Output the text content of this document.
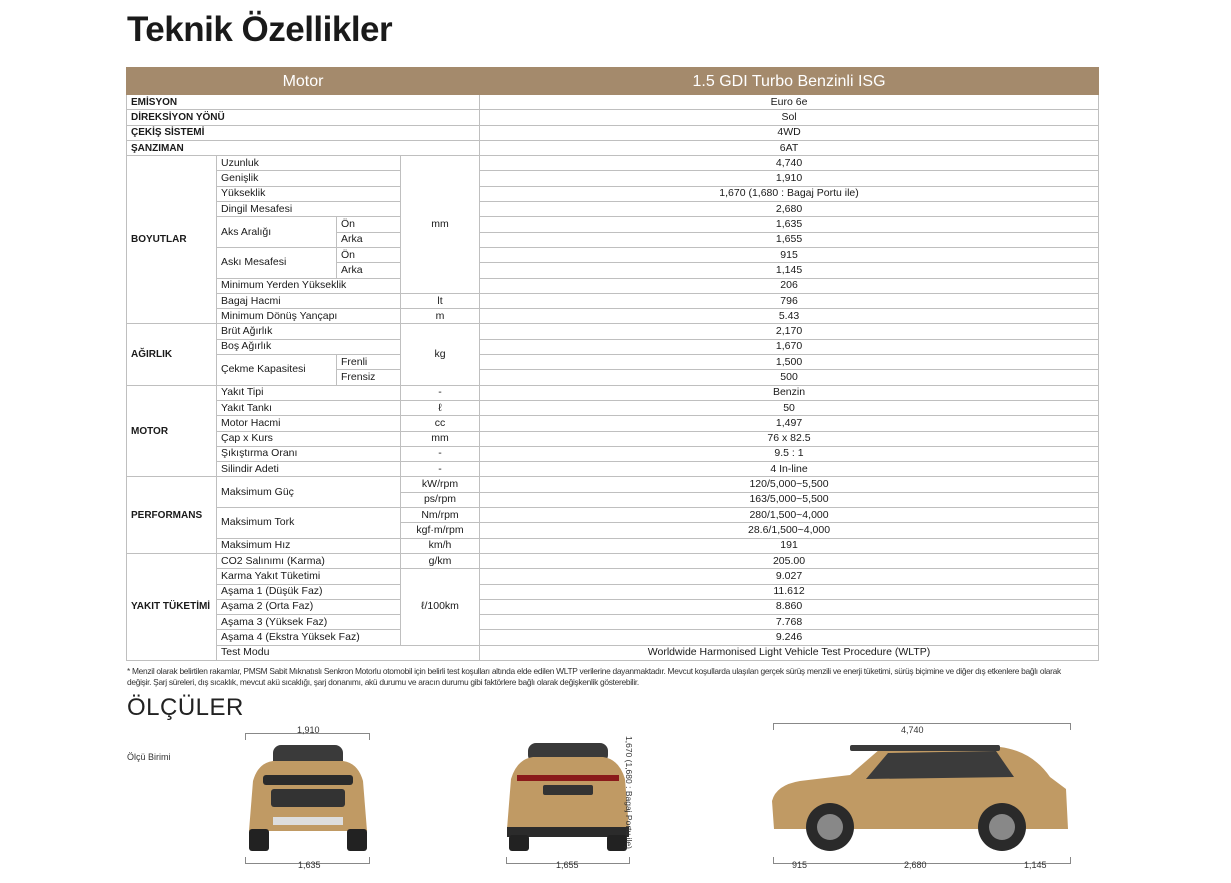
Teknik Özellikler
Motor				1.5 GDI Turbo Benzinli ISG
EMİSYON				Euro 6e
DİREKSİYON YÖNÜ				Sol
ÇEKİŞ SİSTEMİ				4WD
ŞANZIMAN				6AT
BOYUTLAR	Uzunluk		mm	4,740
	Genişlik			1,910
	Yükseklik			1,670 (1,680 : Bagaj Portu ile)
	Dingil Mesafesi			2,680
	Aks Aralığı	Ön		1,635
		Arka		1,655
	Askı Mesafesi	Ön		915
		Arka		1,145
	Minimum Yerden Yükseklik			206
	Bagaj Hacmi		lt	796
	Minimum Dönüş Yançapı		m	5.43
AĞIRLIK	Brüt Ağırlık		kg	2,170
	Boş Ağırlık			1,670
	Çekme Kapasitesi	Frenli		1,500
		Frensiz		500
MOTOR	Yakıt Tipi		-	Benzin
	Yakıt Tankı		ℓ	50
	Motor Hacmi		cc	1,497
	Çap x Kurs		mm	76 x 82.5
	Şıkıştırma Oranı		-	9.5 : 1
	Silindir Adeti		-	4 In-line
PERFORMANS	Maksimum Güç		kW/rpm	120/5,000~5,500
			ps/rpm	163/5,000~5,500
	Maksimum Tork		Nm/rpm	280/1,500~4,000
			kgf·m/rpm	28.6/1,500~4,000
	Maksimum Hız		km/h	191
YAKIT TÜKETİMİ	CO2 Salınımı (Karma)		g/km	205.00
	Karma Yakıt Tüketimi		ℓ/100km	9.027
	Aşama 1 (Düşük Faz)			11.612
	Aşama 2 (Orta Faz)			8.860
	Aşama 3 (Yüksek Faz)			7.768
	Aşama 4 (Ekstra Yüksek Faz)			9.246
	Test Modu			Worldwide Harmonised Light Vehicle Test Procedure (WLTP)
* Menzil olarak belirtilen rakamlar, PMSM Sabit Mıknatıslı Senkron Motorlu otomobil için belirli test koşulları altında elde edilen WLTP verilerine dayanmaktadır. Mevcut koşullarda ulaşılan gerçek sürüş menzili ve enerji tüketimi, sürüş biçimine ve diğer dış etkenlere bağlı olarak değişir. Şarj süreleri, dış sıcaklık, mevcut akü sıcaklığı, şarj donanımı, akü durumu ve aracın durumu gibi faktörlere bağlı olarak değişkenlik gösterebilir.
ÖLÇÜLER
Ölçü Birimi
1,910
1,635	1,655
1,670 (1,680 : Bagaj Portu ile)
4,740
915	2,680	1,145
